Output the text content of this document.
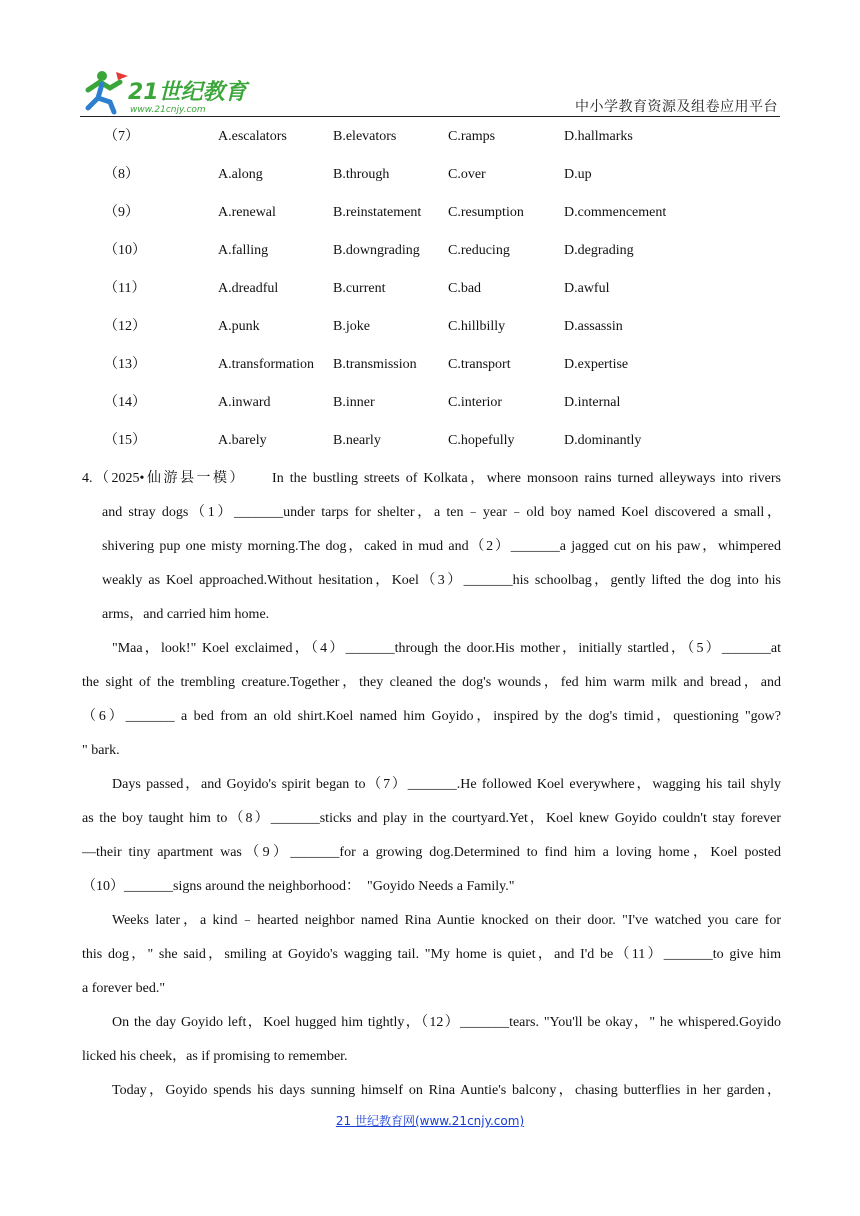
21世纪教育
www.21cnjy.com	中小学教育资源及组卷应用平台
（7）	A.escalators	B.elevators	C.ramps	D.hallmarks
（8）	A.along	B.through	C.over	D.up
（9）	A.renewal	B.reinstatement C.resumption	D.commencement
（10）	A.falling	B.downgrading C.reducing	D.degrading
（11）	A.dreadful	B.current	C.bad	D.awful
（12）	A.punk	B.joke	C.hillbilly	D.assassin
（13）	A.transformation B.transmission C.transport	D.expertise
（14）	A.inward	B.inner	C.interior	D.internal
（15）	A.barely	B.nearly	C.hopefully	D.dominantly
4.（2025•仙游县一模）　　In the bustling streets of Kolkata，where monsoon rains turned alleyways into rivers
and stray dogs（1）_______under tarps for shelter，a ten﹣year﹣old boy named Koel discovered a small，
shivering pup one misty morning.The dog，caked in mud and（2）_______a jagged cut on his paw，whimpered
weakly as Koel approached.Without hesitation，Koel（3）_______his schoolbag，gently lifted the dog into his
arms，and carried him home.
"Maa，look!" Koel exclaimed，（4）_______through the door.His mother，initially startled，（5）_______at
the sight of the trembling creature.Together，they cleaned the dog's wounds，fed him warm milk and bread，and
（6）_______ a bed from an old shirt.Koel named him Goyido，inspired by the dog's timid，questioning "gow?
" bark.
Days passed，and Goyido's spirit began to（7）_______.He followed Koel everywhere，wagging his tail shyly
as the boy taught him to（8）_______sticks and play in the courtyard.Yet，Koel knew Goyido couldn't stay forever
—their tiny apartment was（9）_______for a growing dog.Determined to find him a loving home，Koel posted
（10）_______signs around the neighborhood：　"Goyido Needs a Family."
Weeks later，a kind﹣hearted neighbor named Rina Auntie knocked on their door. "I've watched you care for
this dog，" she said，smiling at Goyido's wagging tail. "My home is quiet，and I'd be（11）_______to give him
a forever bed."
On the day Goyido left，Koel hugged him tightly，（12）_______tears. "You'll be okay，" he whispered.Goyido
licked his cheek，as if promising to remember.
Today，Goyido spends his days sunning himself on Rina Auntie's balcony，chasing butterflies in her garden，
21 世纪教育网(www.21cnjy.com)
